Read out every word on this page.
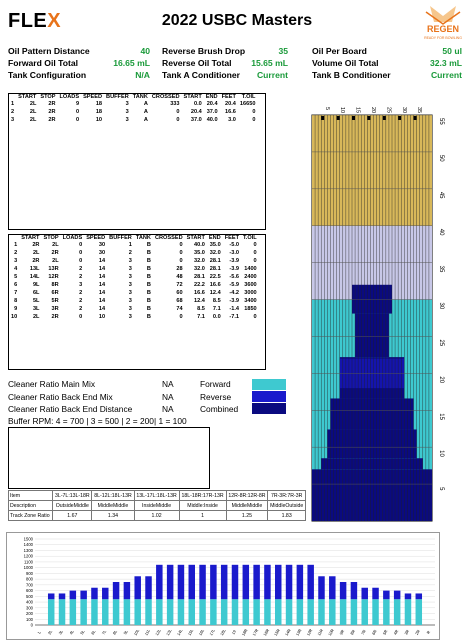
FLEX	2022 USBC Masters	REGEN
READY FOR BOWLING
Oil Pattern Distance	40 Reverse Brush Drop	35	Oil Per Board	50 ul
Forward Oil Total	16.65 mL Reverse Oil Total	15.65 mL	Volume Oil Total	32.3 mL
Tank Configuration	N/A Tank A Conditioner	Current	Tank B Conditioner	Current
	START	STOP	LOADS	SPEED	BUFFER	TANK	CROSSED	START	END	FEET	T.OIL
1	2L	2R	9	18	3	A	333	0.0	20.4	20.4	16650
2	2L	2R	0	18	3	A	0	20.4	37.0	16.6	0
3	2L	2R	0	10	3	A	0	37.0	40.0	3.0	0
	START	STOP	LOADS	SPEED	BUFFER	TANK	CROSSED	START	END	FEET	T.OIL
1	2R	2L	0	30	1	B	0	40.0	35.0	-5.0	0
2	2L	2R	0	30	2	B	0	35.0	32.0	-3.0	0
3	2R	2L	0	14	3	B	0	32.0	28.1	-3.9	0
4	13L	13R	2	14	3	B	28	32.0	28.1	-3.9	1400
5	14L	12R	2	14	3	B	48	28.1	22.5	-5.6	2400
6	9L	8R	3	14	3	B	72	22.2	16.6	-5.9	3600
7	6L	6R	2	14	3	B	60	16.6	12.4	-4.2	3000
8	5L	5R	2	14	3	B	68	12.4	8.5	-3.9	3400
9	3L	3R	2	14	3	B	74	8.5	7.1	-1.4	1850
10	2L	2R	0	10	3	B	0	7.1	0.0	-7.1	0
5
10
15
20
25
30
35
40
45
50
55
5 10 15 20 25 30 35
Cleaner Ratio Main Mix	NA
Cleaner Ratio Back End Mix	NA
Cleaner Ratio Back End Distance	NA
Buffer RPM: 4 = 700 | 3 = 500 | 2 = 200| 1 = 100
Forward
Reverse
Combined
Item	3L-7L:13L-18R	8L-12L:18L-13R	13L-17L:18L-13R	18L-18R:17R-13R	12R-8R:12R-8R	7R-3R:7R-3R
Description	OutsideMiddle	MiddleMiddle	InsideMiddle	Middle:Inside	MiddleMiddle	MiddleOutside
Track Zone Ratio	1.67	1.34	1.02	1	1.25	1.83
1500
1400
1300
1200
1100
1000
900
800
700
600
500
400
300
200
100
0
L 2L 3L 4L 5L 6L 7L 8L 9L 10L 11L 12L 13L 14L 15L 16L 17L 18L 19 18R 17R 16R 15R 14R 13R 12R 11R 10R 9R 8R 7R 6R 5R 4R 3R 2R R
